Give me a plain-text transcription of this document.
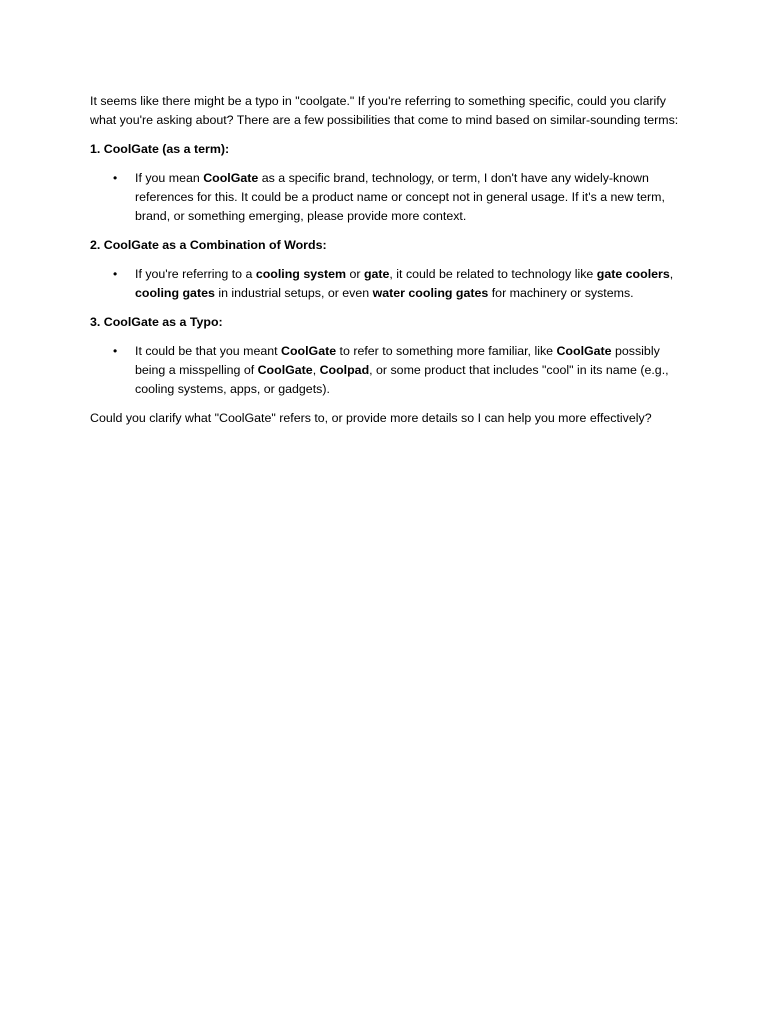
It seems like there might be a typo in "coolgate." If you're referring to something specific, could you clarify what you're asking about? There are a few possibilities that come to mind based on similar-sounding terms:

1. CoolGate (as a term):
• If you mean CoolGate as a specific brand, technology, or term, I don't have any widely-known references for this. It could be a product name or concept not in general usage. If it's a new term, brand, or something emerging, please provide more context.
2. CoolGate as a Combination of Words:
• If you're referring to a cooling system or gate, it could be related to technology like gate coolers, cooling gates in industrial setups, or even water cooling gates for machinery or systems.
3. CoolGate as a Typo:
• It could be that you meant CoolGate to refer to something more familiar, like CoolGate possibly being a misspelling of CoolGate, Coolpad, or some product that includes "cool" in its name (e.g., cooling systems, apps, or gadgets).

Could you clarify what "CoolGate" refers to, or provide more details so I can help you more effectively?
